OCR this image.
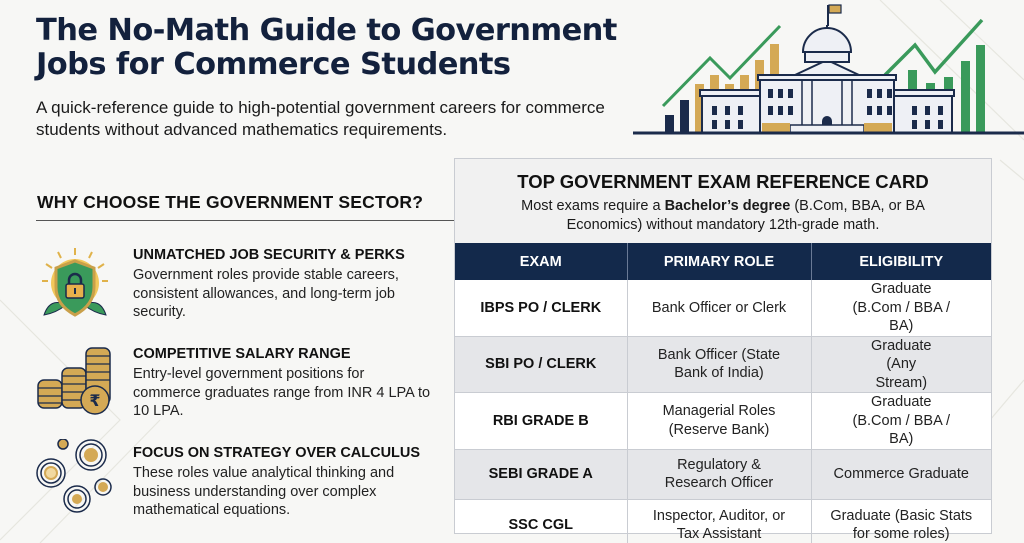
The No-Math Guide to Government Jobs for Commerce Students

A quick-reference guide to high-potential government careers for commerce students without advanced mathematics requirements.

WHY CHOOSE THE GOVERNMENT SECTOR?
UNMATCHED JOB SECURITY & PERKS
Government roles provide stable careers, consistent allowances, and long-term job security.
₹
COMPETITIVE SALARY RANGE
Entry-level government positions for commerce graduates range from INR 4 LPA to 10 LPA.
FOCUS ON STRATEGY OVER CALCULUS
These roles value analytical thinking and business understanding over complex mathematical equations.
TOP GOVERNMENT EXAM REFERENCE CARD
Most exams require a Bachelor’s degree (B.Com, BBA, or BA Economics) without mandatory 12th-grade math.
EXAM	PRIMARY ROLE	ELIGIBILITY
IBPS PO / CLERK	Bank Officer or Clerk	Graduate (B.Com / BBA / BA)
SBI PO / CLERK	Bank Officer (State Bank of India)	Graduate (Any Stream)
RBI GRADE B	Managerial Roles (Reserve Bank)	Graduate (B.Com / BBA / BA)
SEBI GRADE A	Regulatory & Research Officer	Commerce Graduate
SSC CGL	Inspector, Auditor, or Tax Assistant	Graduate (Basic Stats for some roles)
